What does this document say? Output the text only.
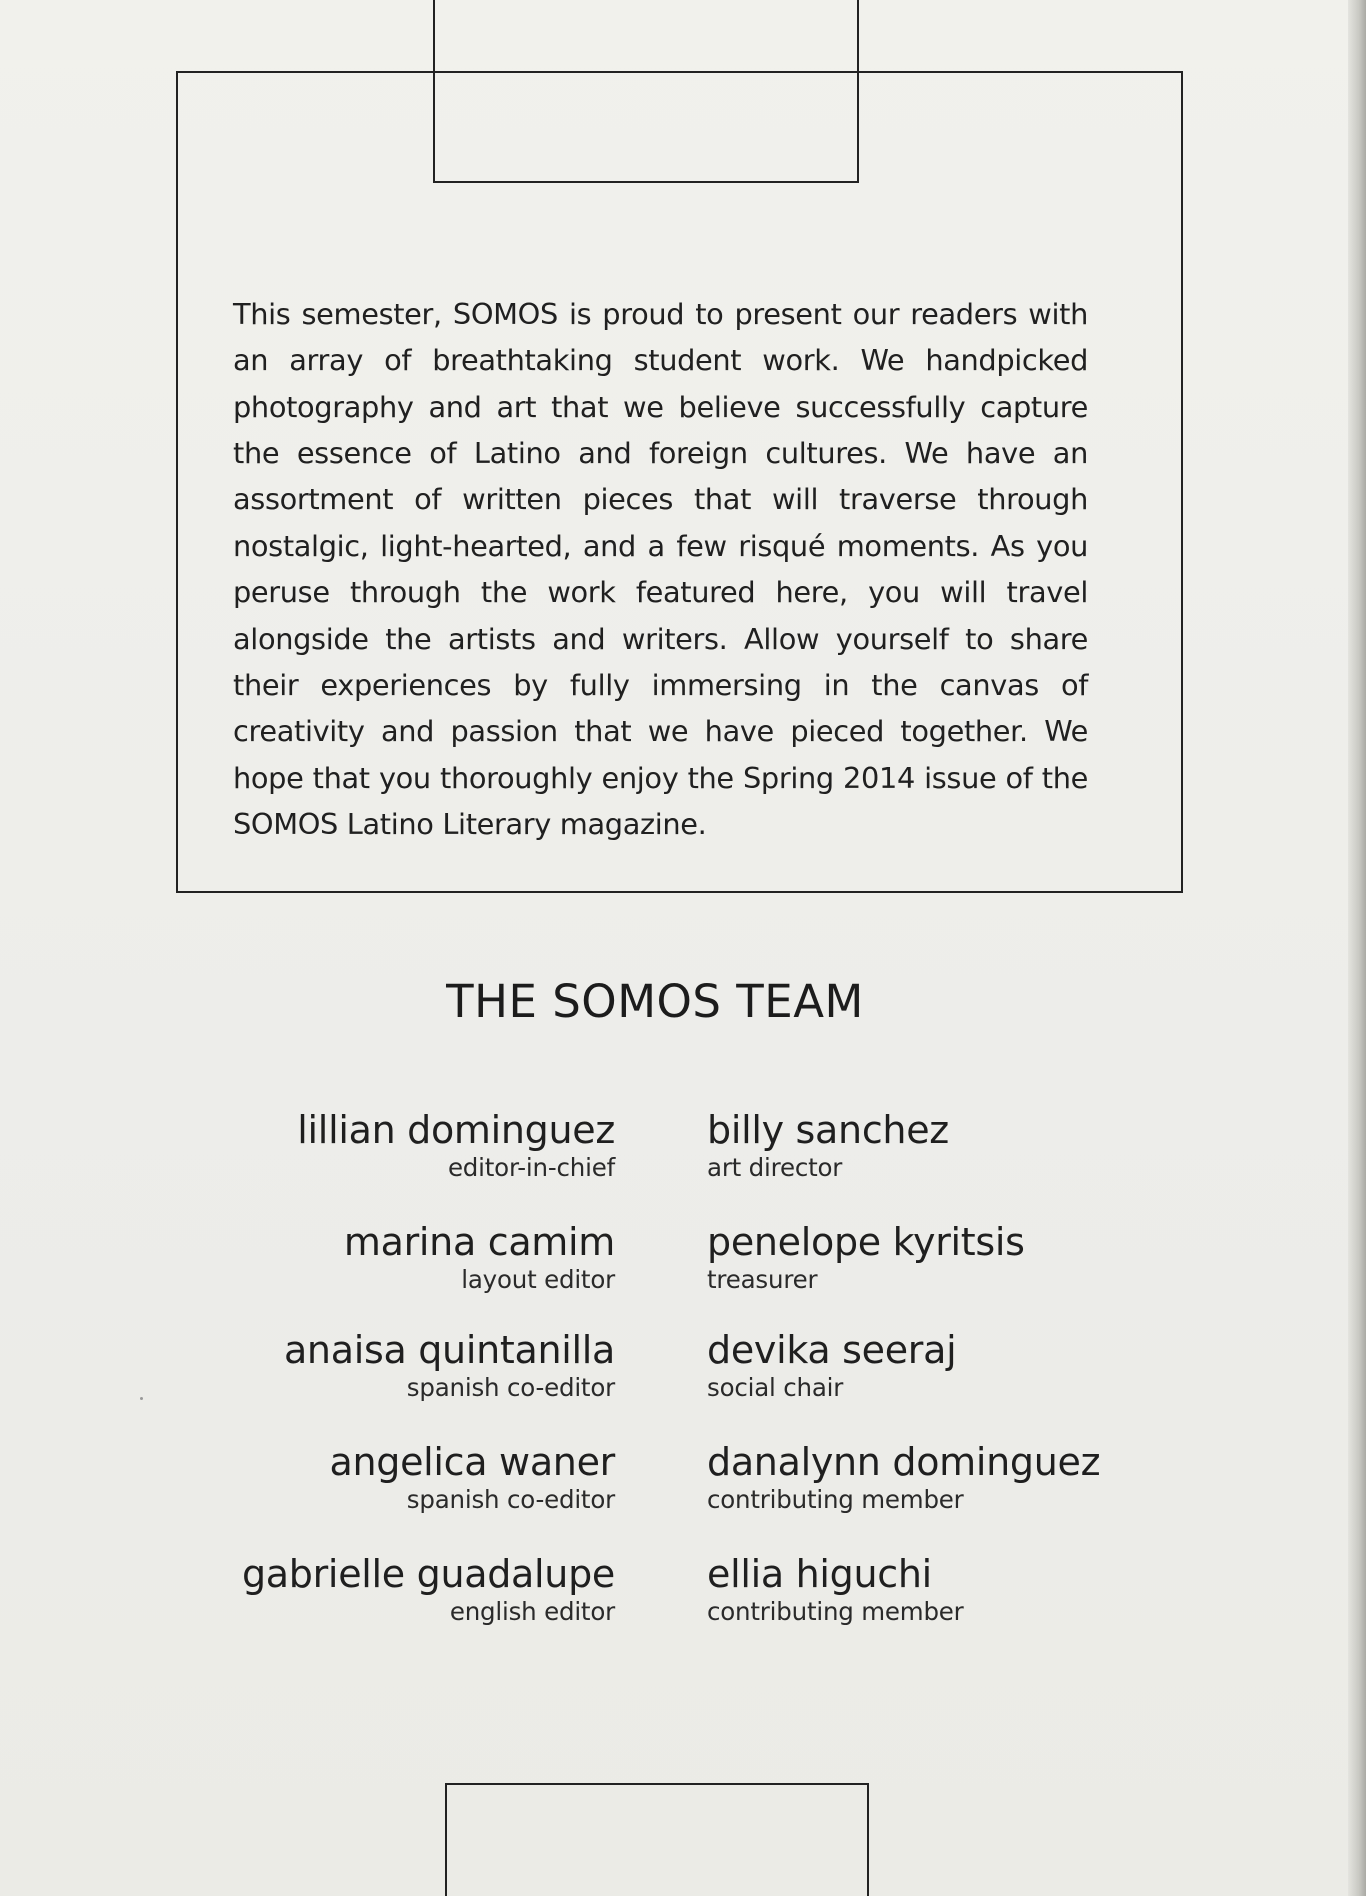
This semester, SOMOS is proud to present our readers with an array of breathtaking student work. We handpicked photography and art that we believe successfully capture the essence of Latino and foreign cultures. We have an assortment of written pieces that will traverse through nostalgic, light-hearted, and a few risqué moments. As you peruse through the work featured here, you will travel alongside the artists and writers. Allow yourself to share their experiences by fully immersing in the canvas of creativity and passion that we have pieced together. We hope that you thoroughly enjoy the Spring 2014 issue of the SOMOS Latino Literary magazine.

THE SOMOS TEAM
lillian dominguez
editor-in-chief
marina camim
layout editor
anaisa quintanilla
spanish co-editor
angelica waner
spanish co-editor
gabrielle guadalupe
english editor
billy sanchez
art director
penelope kyritsis
treasurer
devika seeraj
social chair
danalynn dominguez
contributing member
ellia higuchi
contributing member
